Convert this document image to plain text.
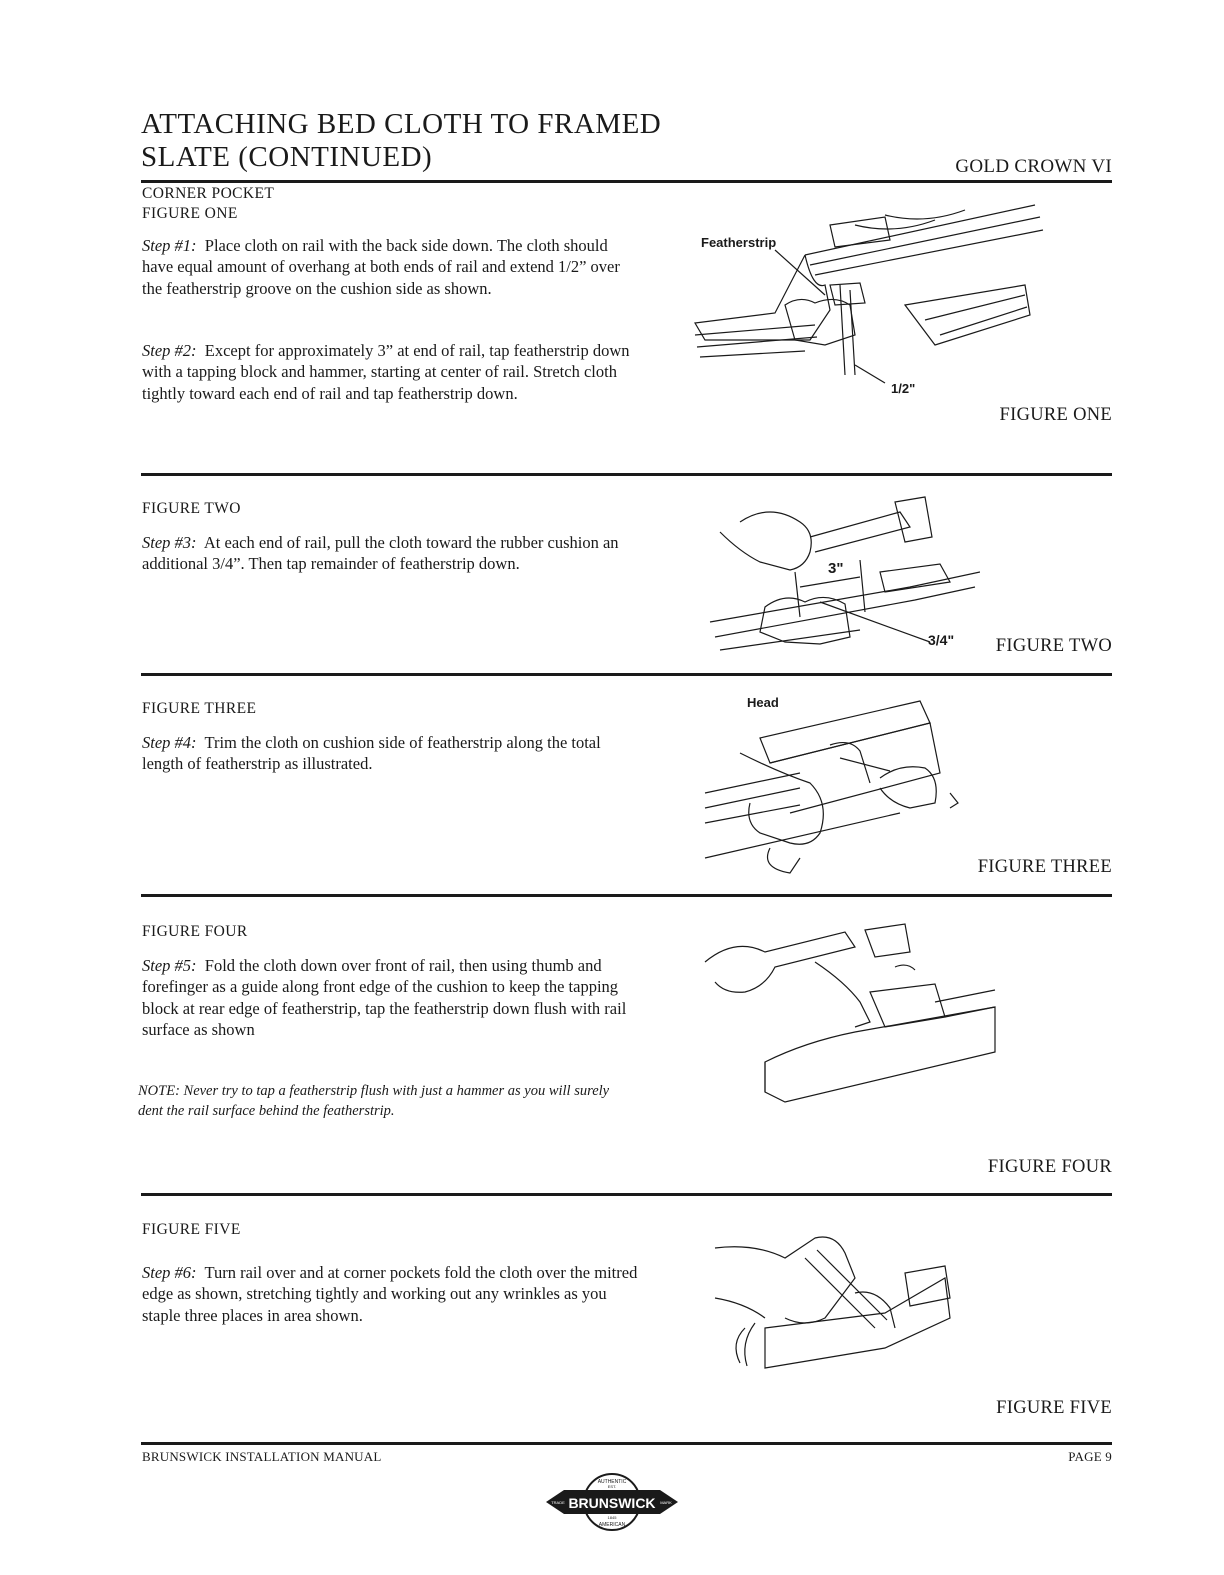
ATTACHING BED CLOTH TO FRAMED
SLATE (CONTINUED)	GOLD CROWN VI
CORNER POCKET
FIGURE ONE
Step #1: Place cloth on rail with the back side down. The cloth should have equal amount of overhang at both ends of rail and extend 1/2” over the featherstrip groove on the cushion side as shown.
Step #2: Except for approximately 3” at end of rail, tap featherstrip down with a tapping block and hammer, starting at center of rail. Stretch cloth tightly toward each end of rail and tap featherstrip down.
Featherstrip
1/2"
FIGURE ONE
FIGURE TWO
Step #3: At each end of rail, pull the cloth toward the rubber cushion an additional 3/4”. Then tap remainder of featherstrip down.	3"
3/4" FIGURE TWO
FIGURE THREE
Step #4: Trim the cloth on cushion side of featherstrip along the total length of featherstrip as illustrated.
Head
FIGURE THREE
FIGURE FOUR
Step #5: Fold the cloth down over front of rail, then using thumb and forefinger as a guide along front edge of the cushion to keep the tapping block at rear edge of featherstrip, tap the featherstrip down flush with rail surface as shown
NOTE: Never try to tap a featherstrip flush with just a hammer as you will surely dent the rail surface behind the featherstrip.
FIGURE FOUR
FIGURE FIVE
Step #6: Turn rail over and at corner pockets fold the cloth over the mitred edge as shown, stretching tightly and working out any wrinkles as you staple three places in area shown.
FIGURE FIVE
BRUNSWICK INSTALLATION MANUAL	PAGE 9
BRUNSWICK
AUTHENTIC
EST.
1845
AMERICAN
TRADE	MARK
